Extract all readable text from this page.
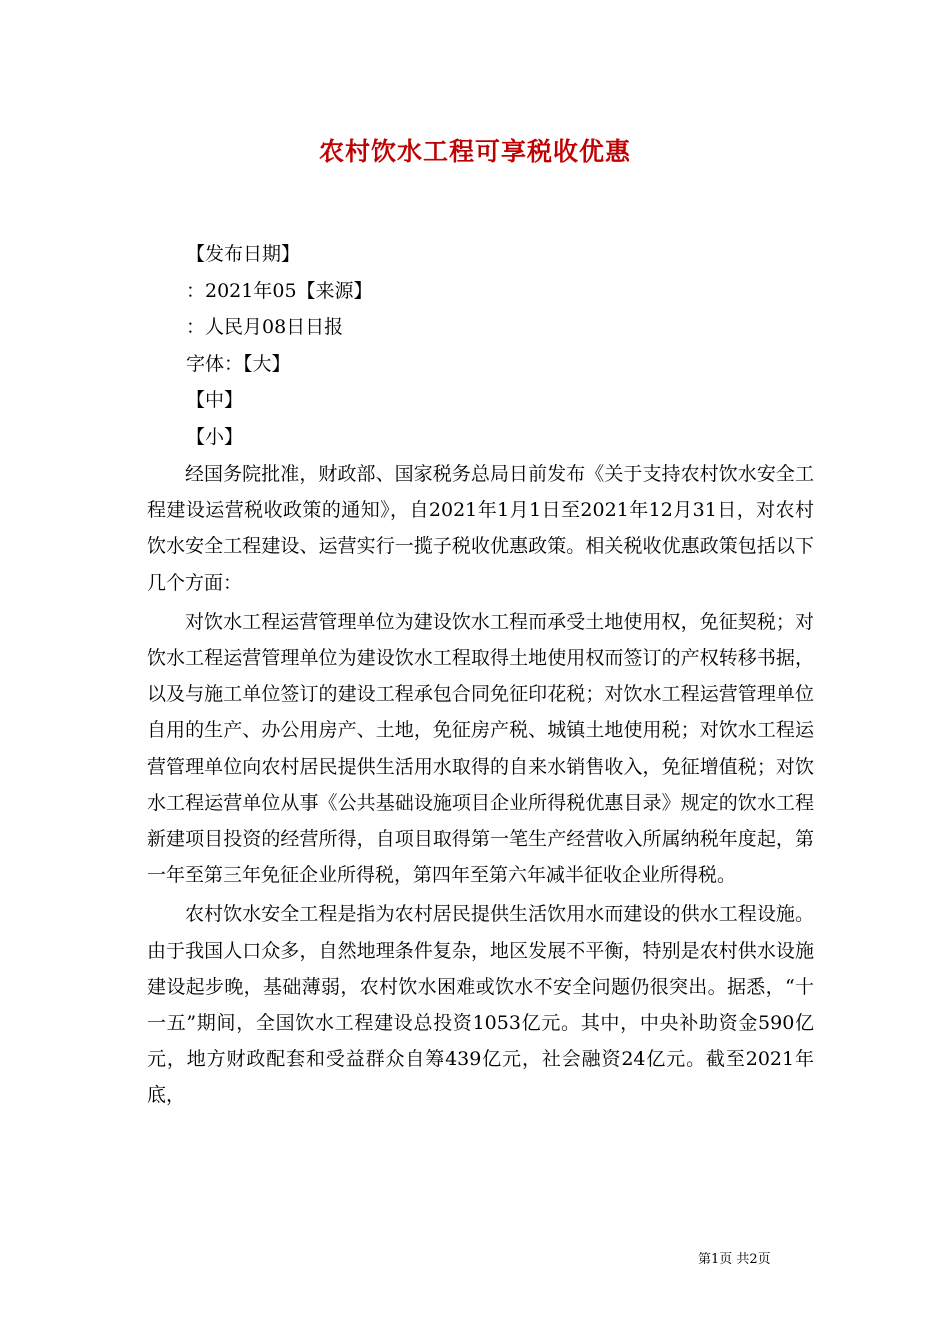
农村饮水工程可享税收优惠
【发布日期】
：2021年05【来源】
：人民月08日日报
字体：【大】
【中】
【小】

经国务院批准，财政部、国家税务总局日前发布《关于支持农村饮水安全工程建设运营税收政策的通知》，自2021年1月1日至2021年12月31日，对农村饮水安全工程建设、运营实行一揽子税收优惠政策。相关税收优惠政策包括以下几个方面：

对饮水工程运营管理单位为建设饮水工程而承受土地使用权，免征契税；对饮水工程运营管理单位为建设饮水工程取得土地使用权而签订的产权转移书据，以及与施工单位签订的建设工程承包合同免征印花税；对饮水工程运营管理单位自用的生产、办公用房产、土地，免征房产税、城镇土地使用税；对饮水工程运营管理单位向农村居民提供生活用水取得的自来水销售收入，免征增值税；对饮水工程运营单位从事《公共基础设施项目企业所得税优惠目录》规定的饮水工程新建项目投资的经营所得，自项目取得第一笔生产经营收入所属纳税年度起，第一年至第三年免征企业所得税，第四年至第六年减半征收企业所得税。

农村饮水安全工程是指为农村居民提供生活饮用水而建设的供水工程设施。由于我国人口众多，自然地理条件复杂，地区发展不平衡，特别是农村供水设施建设起步晚，基础薄弱，农村饮水困难或饮水不安全问题仍很突出。据悉，“十一五”期间，全国饮水工程建设总投资1053亿元。其中，中央补助资金590亿元，地方财政配套和受益群众自筹439亿元，社会融资24亿元。截至2021年底，

第1页 共2页
